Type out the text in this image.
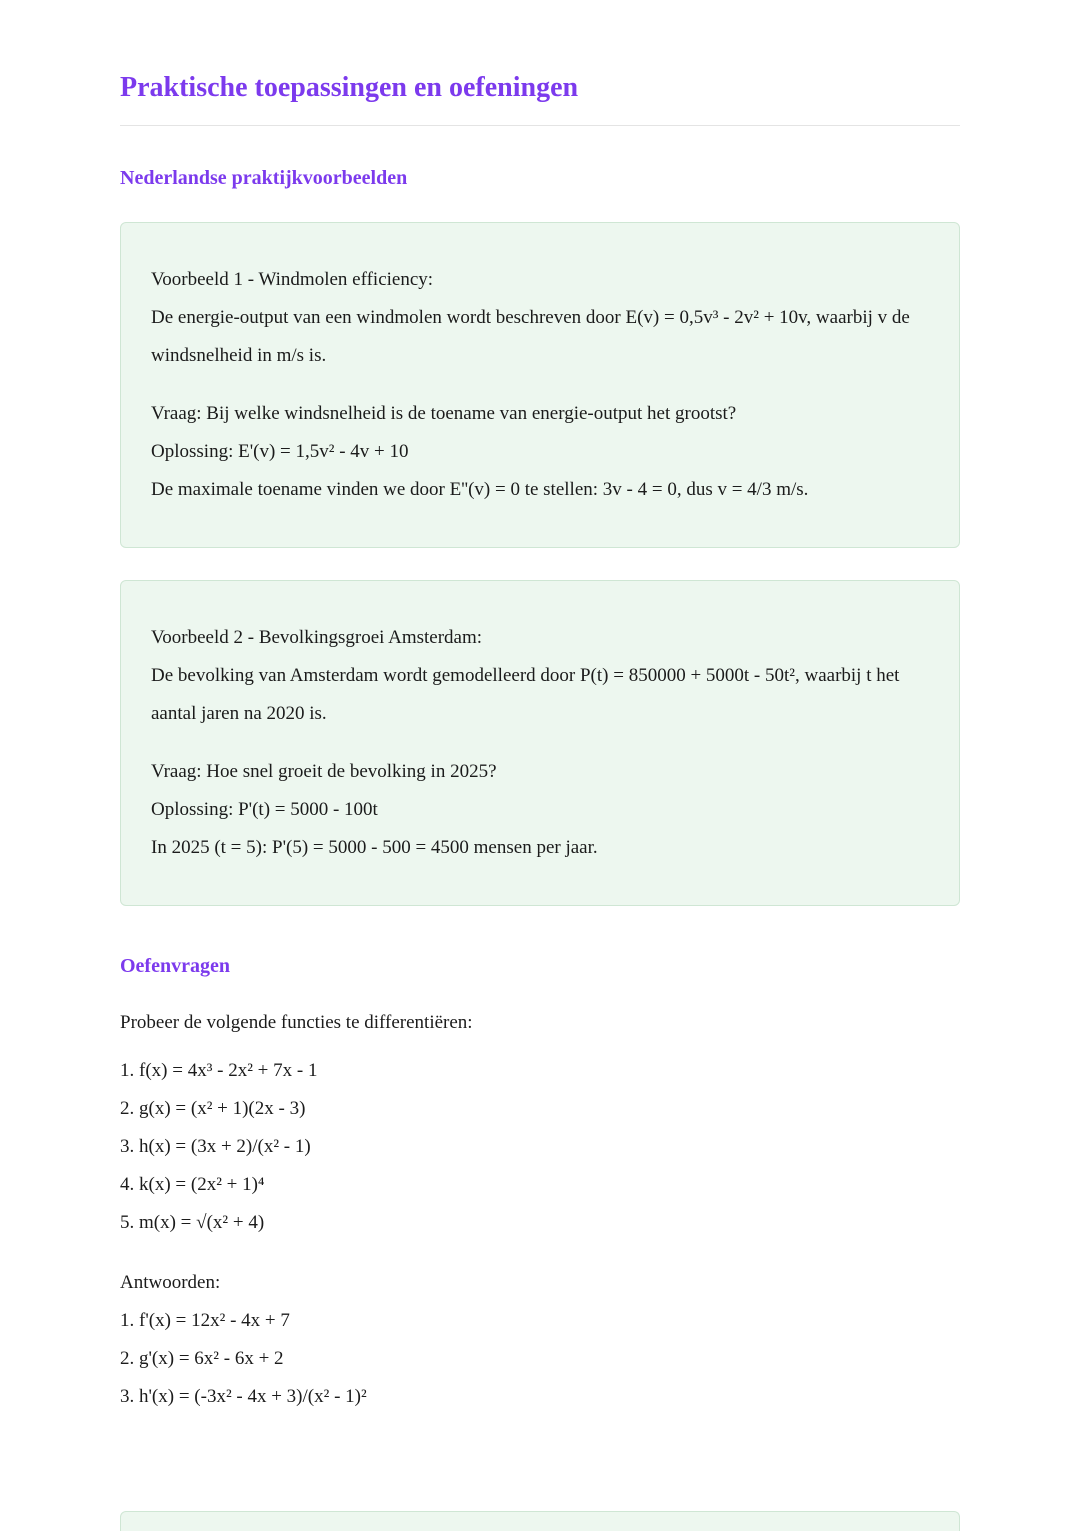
Praktische toepassingen en oefeningen
Nederlandse praktijkvoorbeelden
Voorbeeld 1 - Windmolen efficiency:
De energie-output van een windmolen wordt beschreven door E(v) = 0,5v³ - 2v² + 10v, waarbij v de windsnelheid in m/s is.
Vraag: Bij welke windsnelheid is de toename van energie-output het grootst?
Oplossing: E'(v) = 1,5v² - 4v + 10
De maximale toename vinden we door E''(v) = 0 te stellen: 3v - 4 = 0, dus v = 4/3 m/s.
Voorbeeld 2 - Bevolkingsgroei Amsterdam:
De bevolking van Amsterdam wordt gemodelleerd door P(t) = 850000 + 5000t - 50t², waarbij t het aantal jaren na 2020 is.
Vraag: Hoe snel groeit de bevolking in 2025?
Oplossing: P'(t) = 5000 - 100t
In 2025 (t = 5): P'(5) = 5000 - 500 = 4500 mensen per jaar.
Oefenvragen

Probeer de volgende functies te differentiëren:

1. f(x) = 4x³ - 2x² + 7x - 1
2. g(x) = (x² + 1)(2x - 3)
3. h(x) = (3x + 2)/(x² - 1)
4. k(x) = (2x² + 1)⁴
5. m(x) = √(x² + 4)

Antwoorden:

1. f'(x) = 12x² - 4x + 7
2. g'(x) = 6x² - 6x + 2
3. h'(x) = (-3x² - 4x + 3)/(x² - 1)²
